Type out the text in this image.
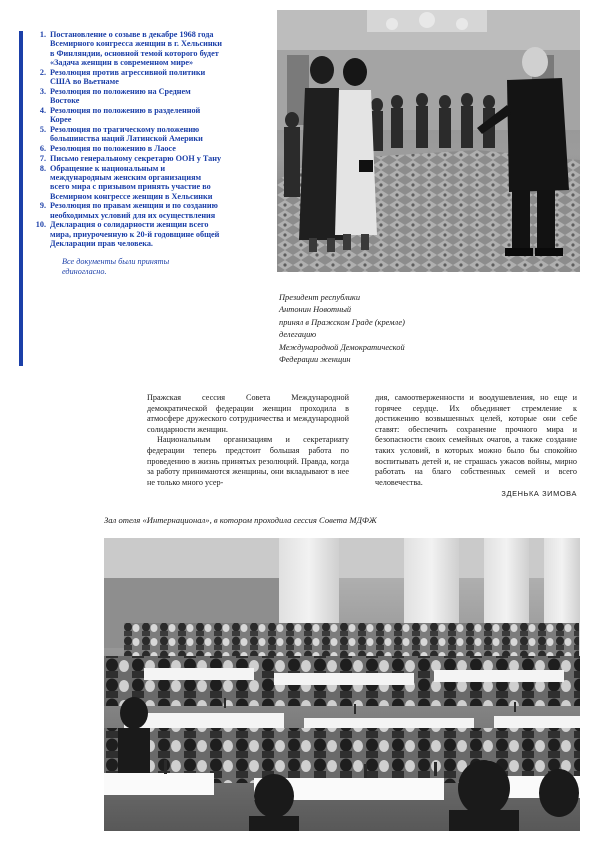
1. Постановление о созыве в декабре 1968 года Всемирного конгресса женщин в г. Хельсинки в Финляндии, основной темой которого будет «Задача женщин в современном мире»
2. Резолюция против агрессивной политики США во Вьетнаме
3. Резолюция по положению на Среднем Востоке
4. Резолюция по положению в разделенной Корее
5. Резолюция по трагическому положению большинства наций Латинской Америки
6. Резолюция по положению в Лаосе
7. Письмо генеральному секретарю ООН у Тану
8. Обращение к национальным и международным женским организациям всего мира с призывом принять участие во Всемирном конгрессе женщин в Хельсинки
9. Резолюция по правам женщин и по созданию необходимых условий для их осуществления
10. Декларация о солидарности женщин всего мира, приуроченную к 20-й годовщине общей Декларации прав человека.
Все документы были приняты единогласно.
Президент республики
Антонин Новотный
принял в Пражском Граде (кремле)
делегацию
Международной Демократической
Федерации женщин

Пражская сессия Совета Международной демократической федерации женщин проходила в атмосфере дружеского сотрудничества и международной солидарности женщин.

Национальным организациям и секретариату федерации теперь предстоит большая работа по проведению в жизнь принятых резолюций. Правда, когда за работу принимаются женщины, они вкладывают в нее не только много усер-

дия, самоотверженности и воодушевления, но еще и горячее сердце. Их объединяет стремление к достижению возвышенных целей, которые они себе ставят: обеспечить сохранение прочного мира и безопасности своих семейных очагов, а также создание таких условий, в которых можно было бы спокойно воспитывать детей и, не страшась ужасов войны, мирно работать на благо собственных семей и всего человечества.

ЗДЕНЬКА ЗИМОВА
Зал отеля «Интернационал», в котором проходила сессия Совета МДФЖ
